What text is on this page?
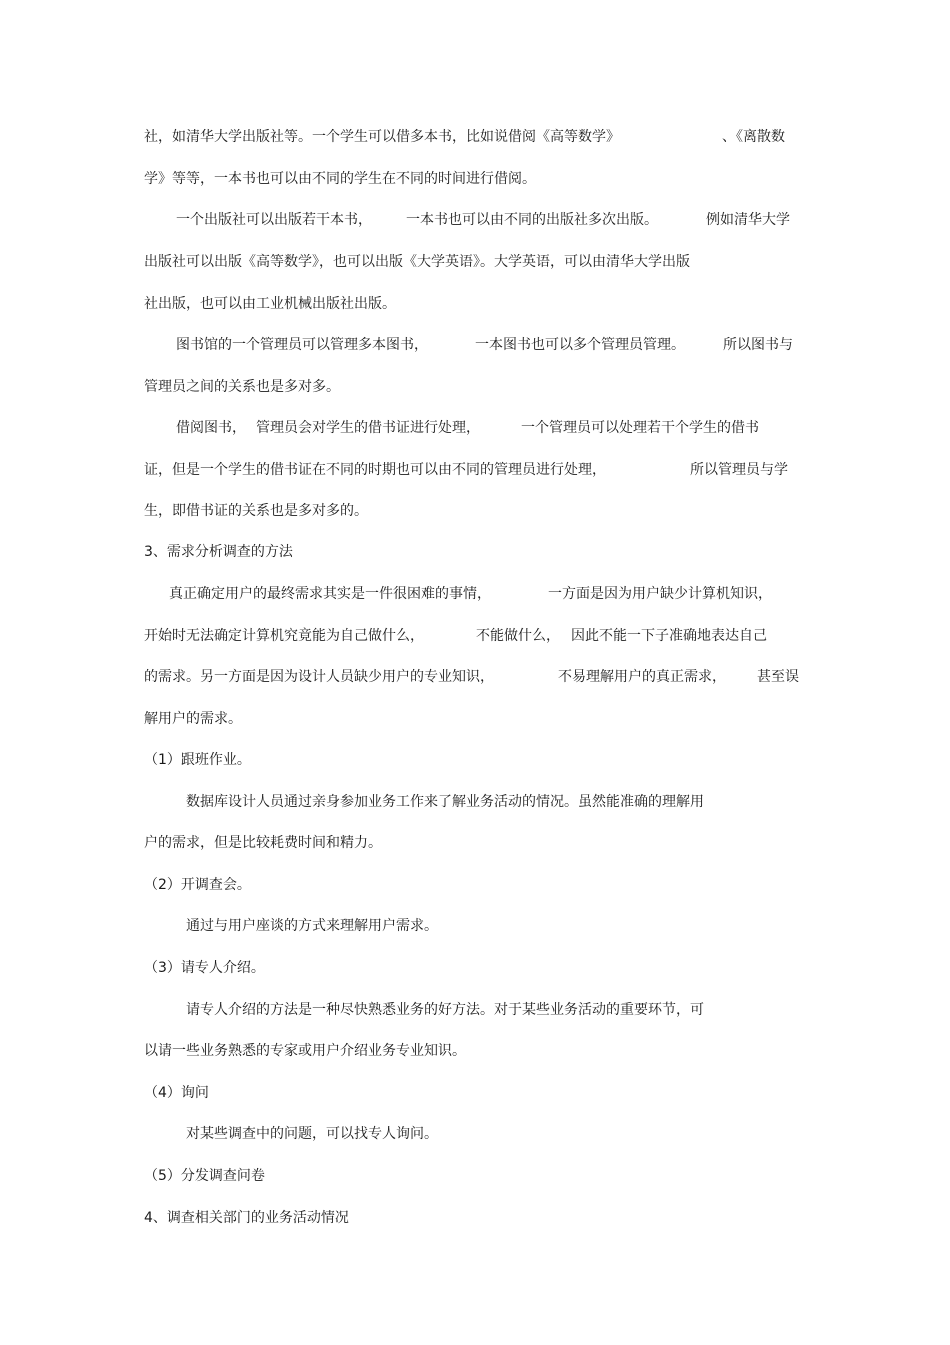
社，如清华大学出版社等。一个学生可以借多本书，比如说借阅《高等数学》	、《离散数
学》等等，一本书也可以由不同的学生在不同的时间进行借阅。
一个出版社可以出版若干本书， 一本书也可以由不同的出版社多次出版。	例如清华大学
出版社可以出版《高等数学》，也可以出版《大学英语》。大学英语，可以由清华大学出版
社出版，也可以由工业机械出版社出版。
图书馆的一个管理员可以管理多本图书，	一本图书也可以多个管理员管理。	所以图书与
管理员之间的关系也是多对多。
借阅图书， 管理员会对学生的借书证进行处理，	一个管理员可以处理若干个学生的借书
证，但是一个学生的借书证在不同的时期也可以由不同的管理员进行处理，	所以管理员与学
生，即借书证的关系也是多对多的。
3、需求分析调查的方法
真正确定用户的最终需求其实是一件很困难的事情，	一方面是因为用户缺少计算机知识，
开始时无法确定计算机究竟能为自己做什么，	不能做什么， 因此不能一下子准确地表达自己
的需求。另一方面是因为设计人员缺少用户的专业知识，	不易理解用户的真正需求， 甚至误
解用户的需求。
（1）跟班作业。
数据库设计人员通过亲身参加业务工作来了解业务活动的情况。虽然能准确的理解用
户的需求，但是比较耗费时间和精力。
（2）开调查会。
通过与用户座谈的方式来理解用户需求。
（3）请专人介绍。
请专人介绍的方法是一种尽快熟悉业务的好方法。对于某些业务活动的重要环节，可
以请一些业务熟悉的专家或用户介绍业务专业知识。
（4）询问
对某些调查中的问题，可以找专人询问。
（5）分发调查问卷
4、调查相关部门的业务活动情况
